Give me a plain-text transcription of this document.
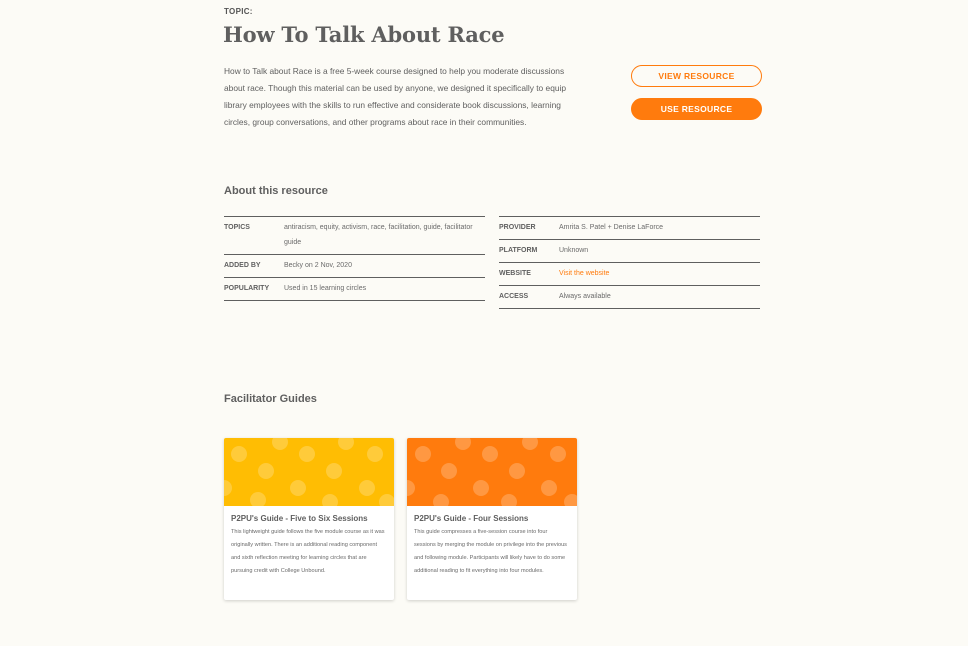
TOPIC:
How To Talk About Race

How to Talk about Race is a free 5-week course designed to help you moderate discussions about race. Though this material can be used by anyone, we designed it specifically to equip library employees with the skills to run effective and considerate book discussions, learning circles, group conversations, and other programs about race in their communities.

VIEW RESOURCE
USE RESOURCE
About this resource
TOPICS	antiracism, equity, activism, race, facilitation, guide, facilitator guide
ADDED BY	Becky on 2 Nov, 2020
POPULARITY	Used in 15 learning circles
PROVIDER	Amrita S. Patel + Denise LaForce
PLATFORM	Unknown
WEBSITE	Visit the website
ACCESS	Always available
Facilitator Guides
P2PU's Guide - Five to Six Sessions
This lightweight guide follows the five module course as it was originally written. There is an additional reading component and sixth reflection meeting for learning circles that are pursuing credit with College Unbound.
P2PU's Guide - Four Sessions
This guide compresses a five-session course into four sessions by merging the module on privilege into the previous and following module. Participants will likely have to do some additional reading to fit everything into four modules.
